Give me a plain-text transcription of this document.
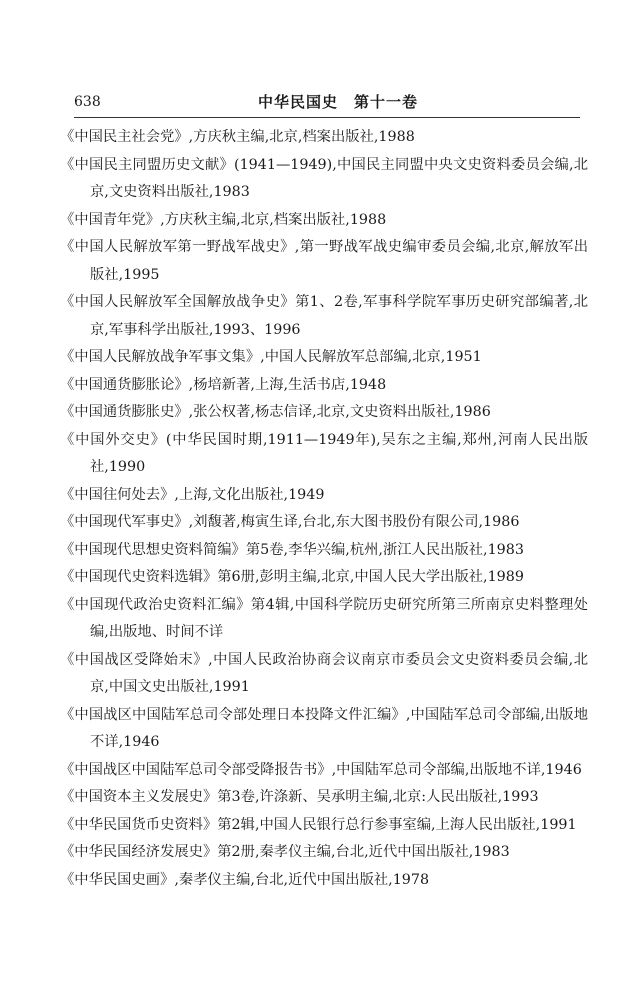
638	中华民国史　第十一卷
《中国民主社会党》,方庆秋主编,北京,档案出版社,1988
《中国民主同盟历史文献》(1941—1949),中国民主同盟中央文史资料委员会编,北京,文史资料出版社,1983
《中国青年党》,方庆秋主编,北京,档案出版社,1988
《中国人民解放军第一野战军战史》,第一野战军战史编审委员会编,北京,解放军出版社,1995
《中国人民解放军全国解放战争史》第1、2卷,军事科学院军事历史研究部编著,北京,军事科学出版社,1993、1996
《中国人民解放战争军事文集》,中国人民解放军总部编,北京,1951
《中国通货膨胀论》,杨培新著,上海,生活书店,1948
《中国通货膨胀史》,张公权著,杨志信译,北京,文史资料出版社,1986
《中国外交史》(中华民国时期,1911—1949年),吴东之主编,郑州,河南人民出版社,1990
《中国往何处去》,上海,文化出版社,1949
《中国现代军事史》,刘馥著,梅寅生译,台北,东大图书股份有限公司,1986
《中国现代思想史资料简编》第5卷,李华兴编,杭州,浙江人民出版社,1983
《中国现代史资料选辑》第6册,彭明主编,北京,中国人民大学出版社,1989
《中国现代政治史资料汇编》第4辑,中国科学院历史研究所第三所南京史料整理处编,出版地、时间不详
《中国战区受降始末》,中国人民政治协商会议南京市委员会文史资料委员会编,北京,中国文史出版社,1991
《中国战区中国陆军总司令部处理日本投降文件汇编》,中国陆军总司令部编,出版地不详,1946
《中国战区中国陆军总司令部受降报告书》,中国陆军总司令部编,出版地不详,1946
《中国资本主义发展史》第3卷,许涤新、吴承明主编,北京:人民出版社,1993
《中华民国货币史资料》第2辑,中国人民银行总行参事室编,上海人民出版社,1991
《中华民国经济发展史》第2册,秦孝仪主编,台北,近代中国出版社,1983
《中华民国史画》,秦孝仪主编,台北,近代中国出版社,1978
